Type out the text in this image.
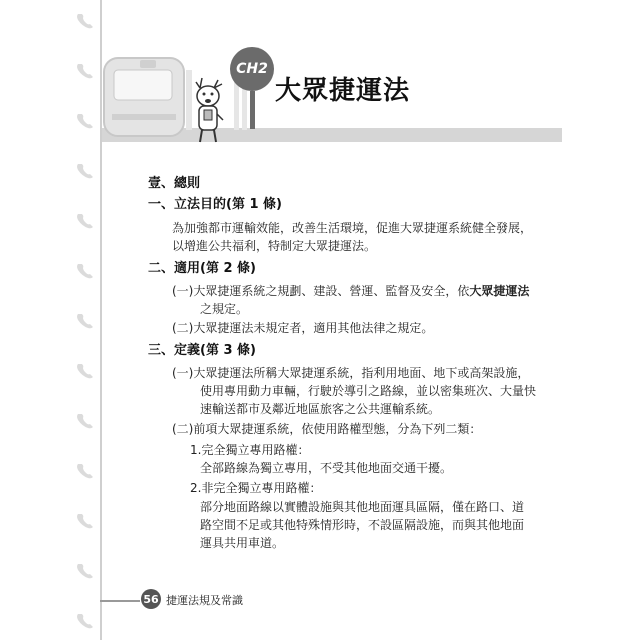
CH2
大眾捷運法
壹、總則
一、立法目的(第 1 條)
為加強都市運輸效能，改善生活環境，促進大眾捷運系統健全發展，
以增進公共福利，特制定大眾捷運法。
二、適用(第 2 條)
(一)大眾捷運系統之規劃、建設、營運、監督及安全，依大眾捷運法
之規定。
(二)大眾捷運法未規定者，適用其他法律之規定。
三、定義(第 3 條)
(一)大眾捷運法所稱大眾捷運系統，指利用地面、地下或高架設施，
使用專用動力車輛，行駛於導引之路線，並以密集班次、大量快
速輸送都市及鄰近地區旅客之公共運輸系統。
(二)前項大眾捷運系統，依使用路權型態，分為下列二類：
1.完全獨立專用路權：
全部路線為獨立專用，不受其他地面交通干擾。
2.非完全獨立專用路權：
部分地面路線以實體設施與其他地面運具區隔，僅在路口、道
路空間不足或其他特殊情形時，不設區隔設施，而與其他地面
運具共用車道。
56 捷運法規及常識
